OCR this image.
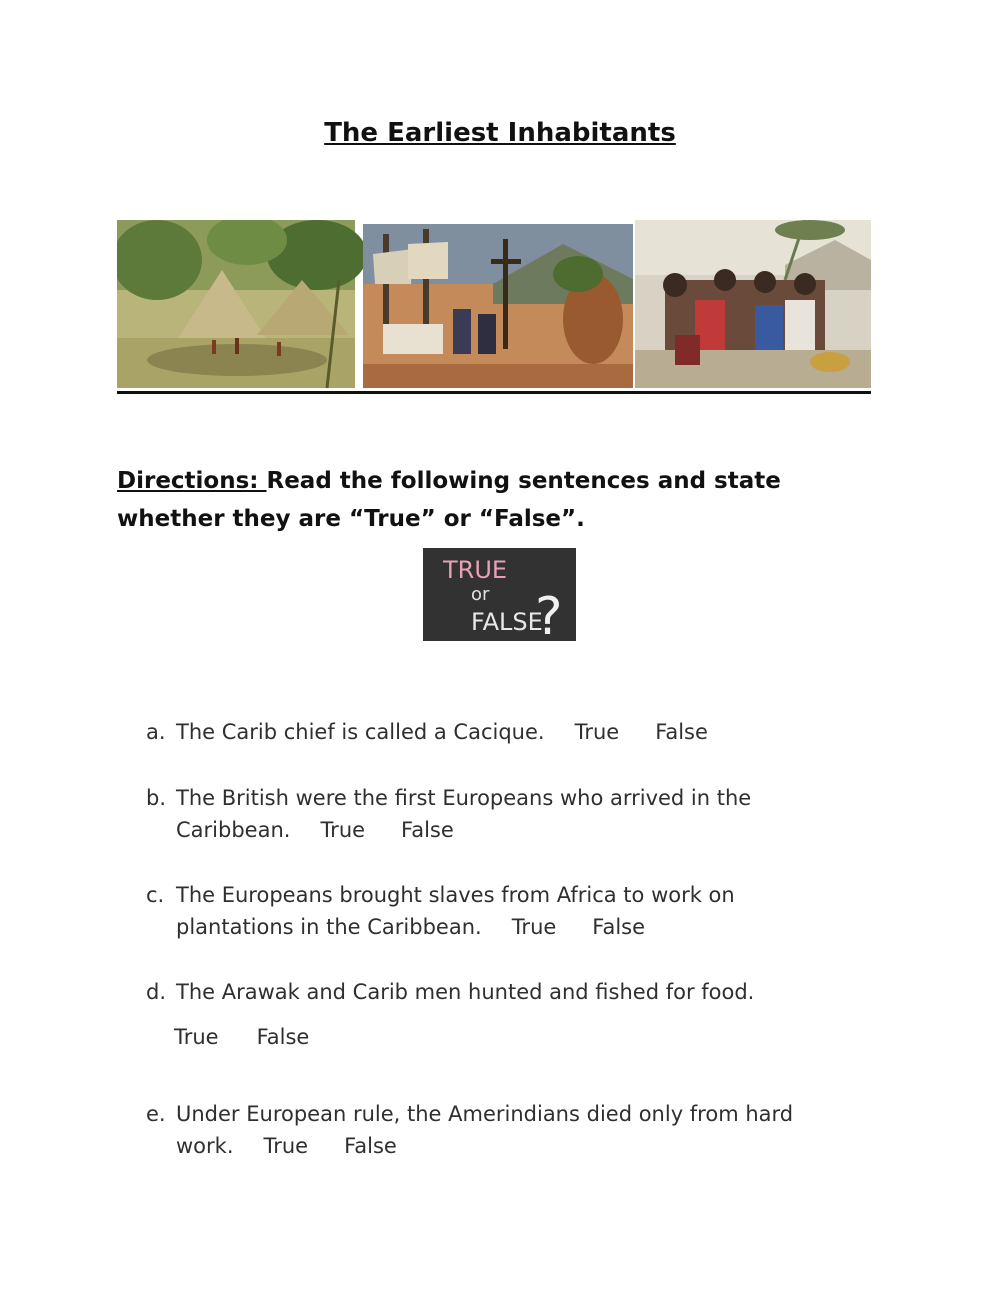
The Earliest Inhabitants

Directions: Read the following sentences and state whether they are “True” or “False”.

TRUE
or
FALSE
?
a. The Carib chief is called a Cacique. True False
b. The British were the first Europeans who arrived in the
Caribbean. True False
c. The Europeans brought slaves from Africa to work on
plantations in the Caribbean. True False
d. The Arawak and Carib men hunted and fished for food.
True False
e. Under European rule, the Amerindians died only from hard
work. True False
